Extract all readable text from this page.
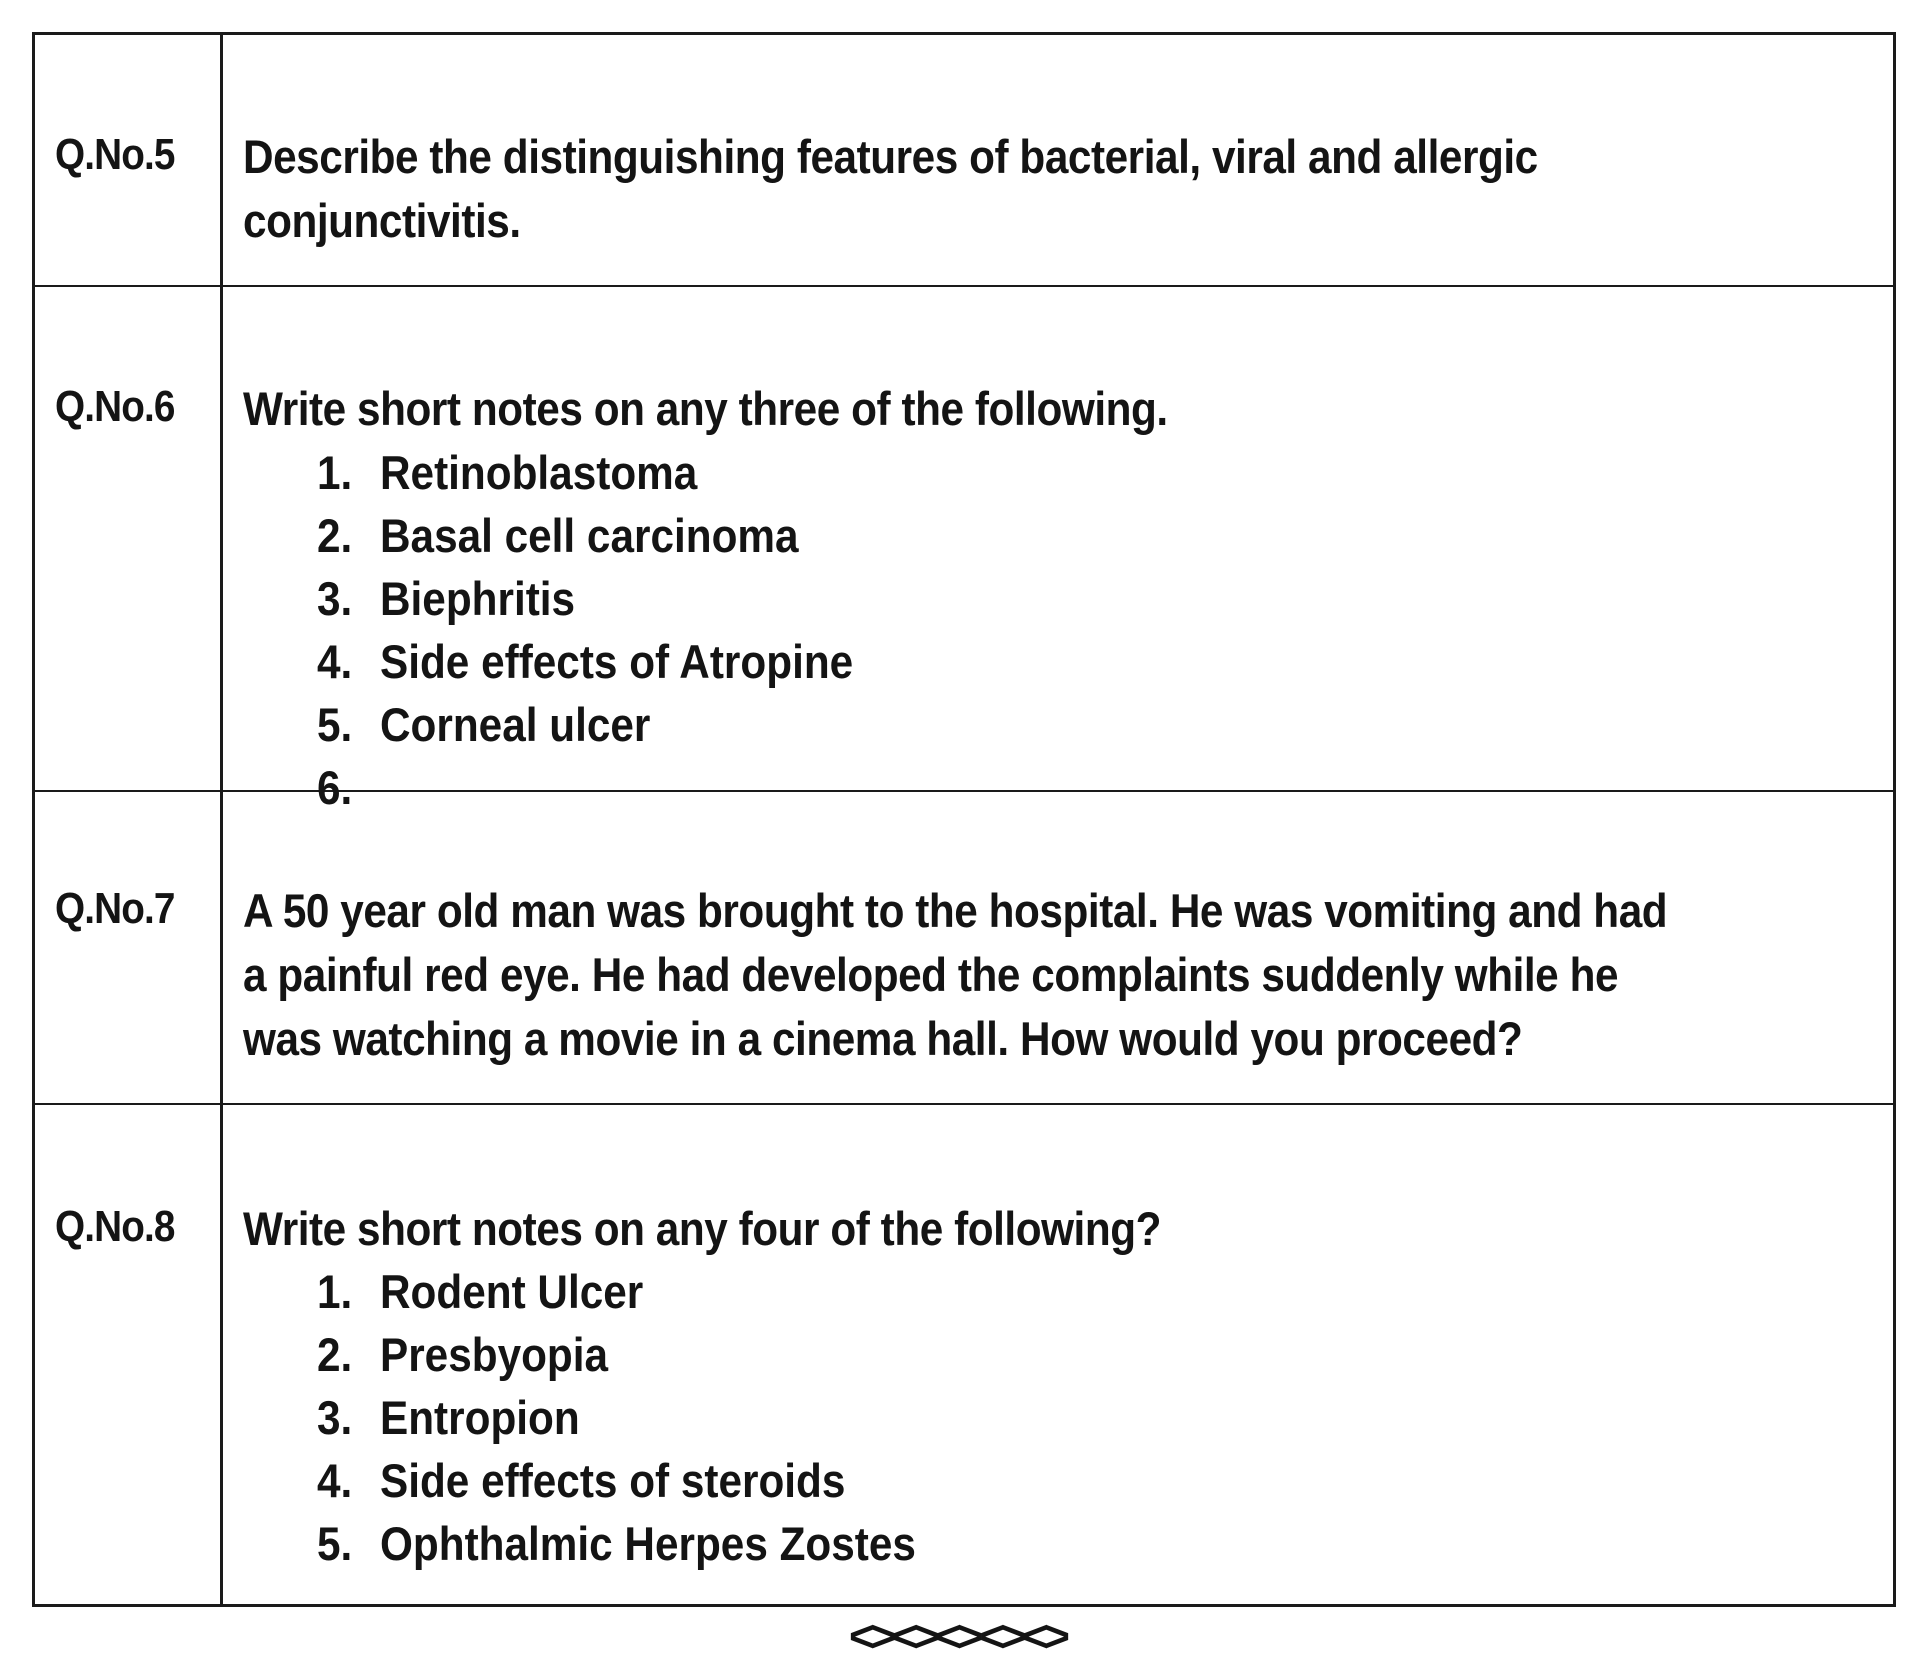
Q.No.5 Describe the distinguishing features of bacterial, viral and allergic conjunctivitis.
Q.No.6 Write short notes on any three of the following.
1. Retinoblastoma
2. Basal cell carcinoma
3. Biephritis
4. Side effects of Atropine
5. Corneal ulcer
6.
Q.No.7 A 50 year old man was brought to the hospital. He was vomiting and had a painful red eye. He had developed the complaints suddenly while he was watching a movie in a cinema hall. How would you proceed?
Q.No.8 Write short notes on any four of the following?
1. Rodent Ulcer
2. Presbyopia
3. Entropion
4. Side effects of steroids
5. Ophthalmic Herpes Zostes
<><><><><>
